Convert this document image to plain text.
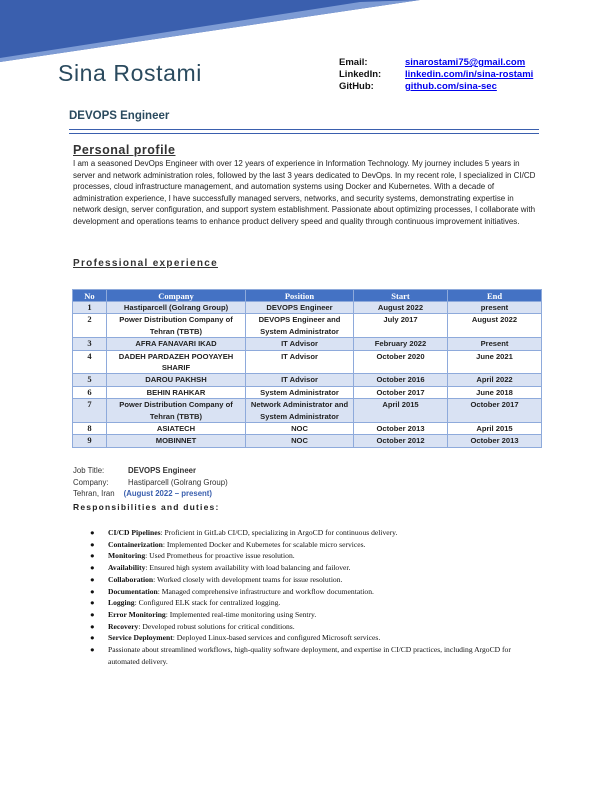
Sina Rostami	Email:	sinarostami75@gmail.com
LinkedIn:	linkedin.com/in/sina-rostami
GitHub:	github.com/sina-sec
DEVOPS Engineer
Personal profile
I am a seasoned DevOps Engineer with over 12 years of experience in Information Technology. My journey includes 5 years in server and network administration roles, followed by the last 3 years dedicated to DevOps. In my recent role, I specialized in CI/CD processes, cloud infrastructure management, and automation systems using Docker and Kubernetes. With a decade of administration experience, I have successfully managed servers, networks, and security systems, demonstrating expertise in network design, server configuration, and support system establishment. Passionate about optimizing processes, I collaborate with development and operations teams to enhance product delivery speed and quality through continuous improvement initiatives.
Professional experience
No	Company	Position	Start	End
1	Hastiparcell (Golrang Group)	DEVOPS Engineer	August 2022	present
2	Power Distribution Company of Tehran (TBTB)	DEVOPS Engineer and System Administrator	July 2017	August 2022
3	AFRA FANAVARI IKAD	IT Advisor	February 2022	Present
4	DADEH PARDAZEH POOYAYEH SHARIF	IT Advisor	October 2020	June 2021
5	DAROU PAKHSH	IT Advisor	October 2016	April 2022
6	BEHIN RAHKAR	System Administrator	October 2017	June 2018
7	Power Distribution Company of Tehran (TBTB)	Network Administrator and System Administrator	April 2015	October 2017
8	ASIATECH	NOC	October 2013	April 2015
9	MOBINNET	NOC	October 2012	October 2013
Job Title:	DEVOPS Engineer
Company:	Hastiparcell (Golrang Group)
Tehran, Iran (August 2022 – present)
Responsibilities and duties:
● CI/CD Pipelines: Proficient in GitLab CI/CD, specializing in ArgoCD for continuous delivery.
● Containerization: Implemented Docker and Kubernetes for scalable micro services.
● Monitoring: Used Prometheus for proactive issue resolution.
● Availability: Ensured high system availability with load balancing and failover.
● Collaboration: Worked closely with development teams for issue resolution.
● Documentation: Managed comprehensive infrastructure and workflow documentation.
● Logging: Configured ELK stack for centralized logging.
● Error Monitoring: Implemented real-time monitoring using Sentry.
● Recovery: Developed robust solutions for critical conditions.
● Service Deployment: Deployed Linux-based services and configured Microsoft services.
● Passionate about streamlined workflows, high-quality software deployment, and expertise in CI/CD practices, including ArgoCD for automated delivery.
